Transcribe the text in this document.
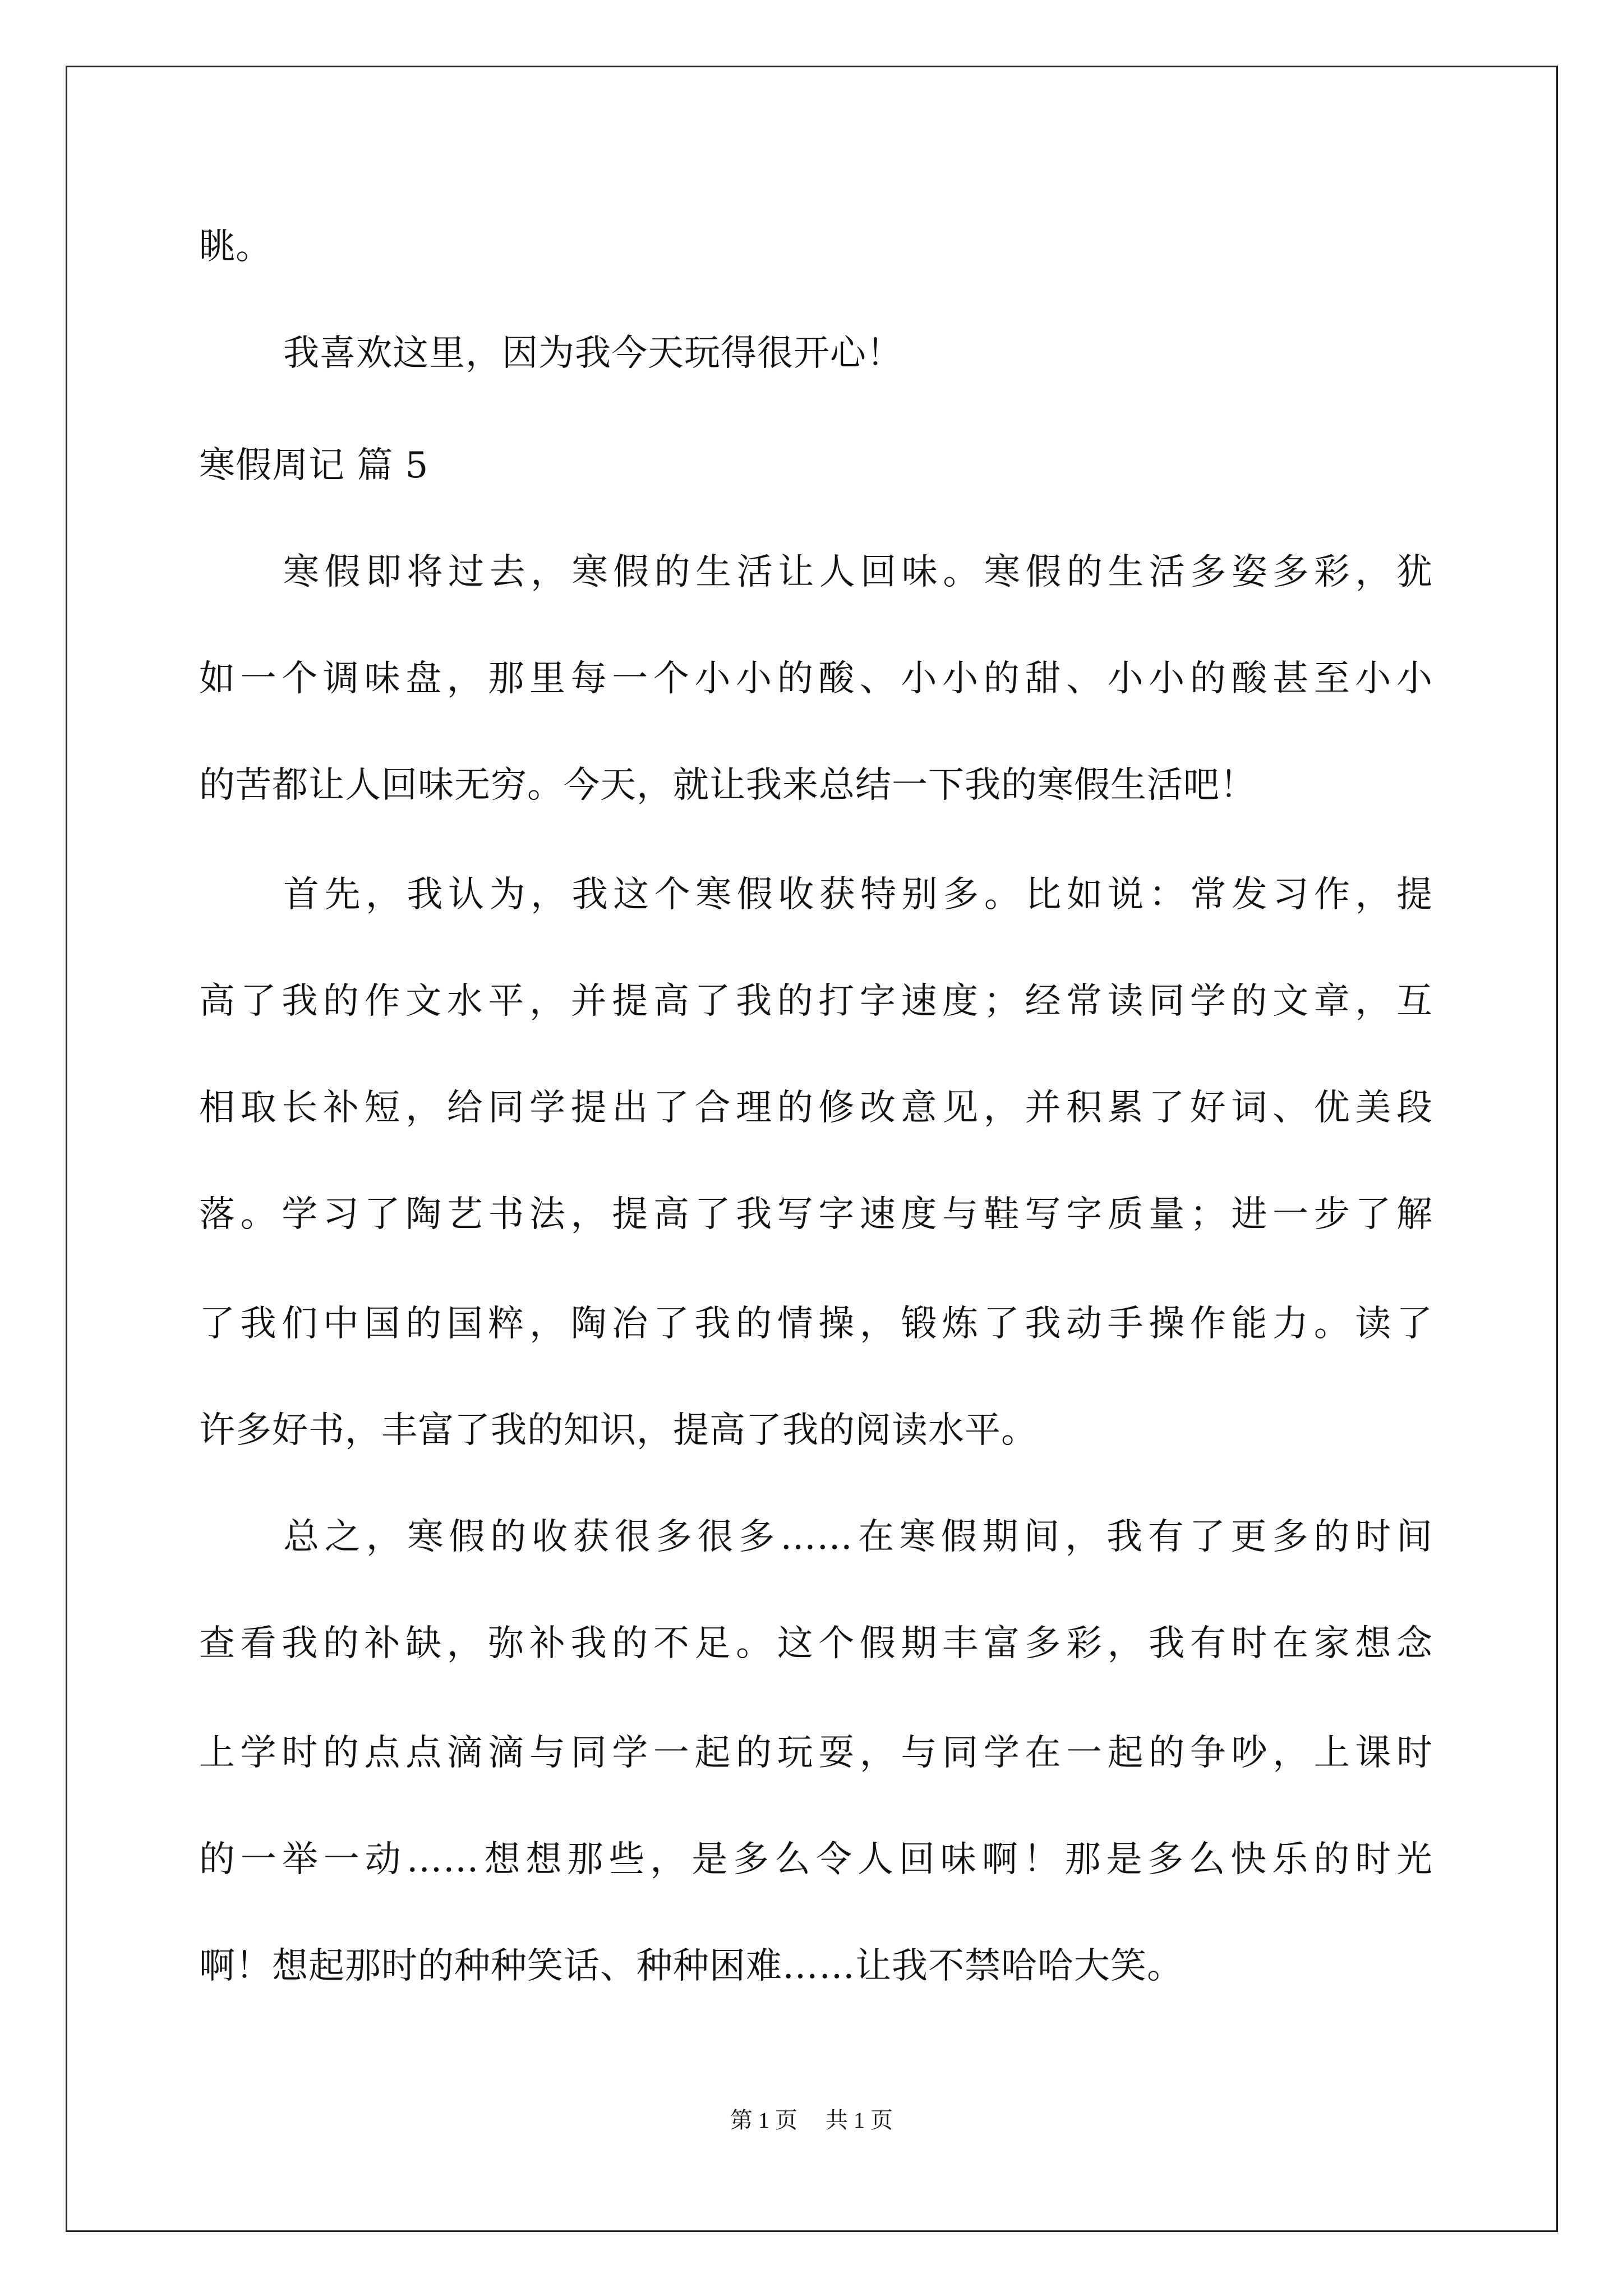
眺。
我喜欢这里，因为我今天玩得很开心！
寒假周记 篇 5
寒假即将过去，寒假的生活让人回味。寒假的生活多姿多彩，犹
如一个调味盘，那里每一个小小的酸、小小的甜、小小的酸甚至小小
的苦都让人回味无穷。今天，就让我来总结一下我的寒假生活吧！
首先，我认为，我这个寒假收获特别多。比如说：常发习作，提
高了我的作文水平，并提高了我的打字速度；经常读同学的文章，互
相取长补短，给同学提出了合理的修改意见，并积累了好词、优美段
落。学习了陶艺书法，提高了我写字速度与鞋写字质量；进一步了解
了我们中国的国粹，陶冶了我的情操，锻炼了我动手操作能力。读了
许多好书，丰富了我的知识，提高了我的阅读水平。
总之，寒假的收获很多很多……在寒假期间，我有了更多的时间
查看我的补缺，弥补我的不足。这个假期丰富多彩，我有时在家想念
上学时的点点滴滴与同学一起的玩耍，与同学在一起的争吵，上课时
的一举一动……想想那些，是多么令人回味啊！那是多么快乐的时光
啊！想起那时的种种笑话、种种困难……让我不禁哈哈大笑。
第 1 页　 共 1 页
